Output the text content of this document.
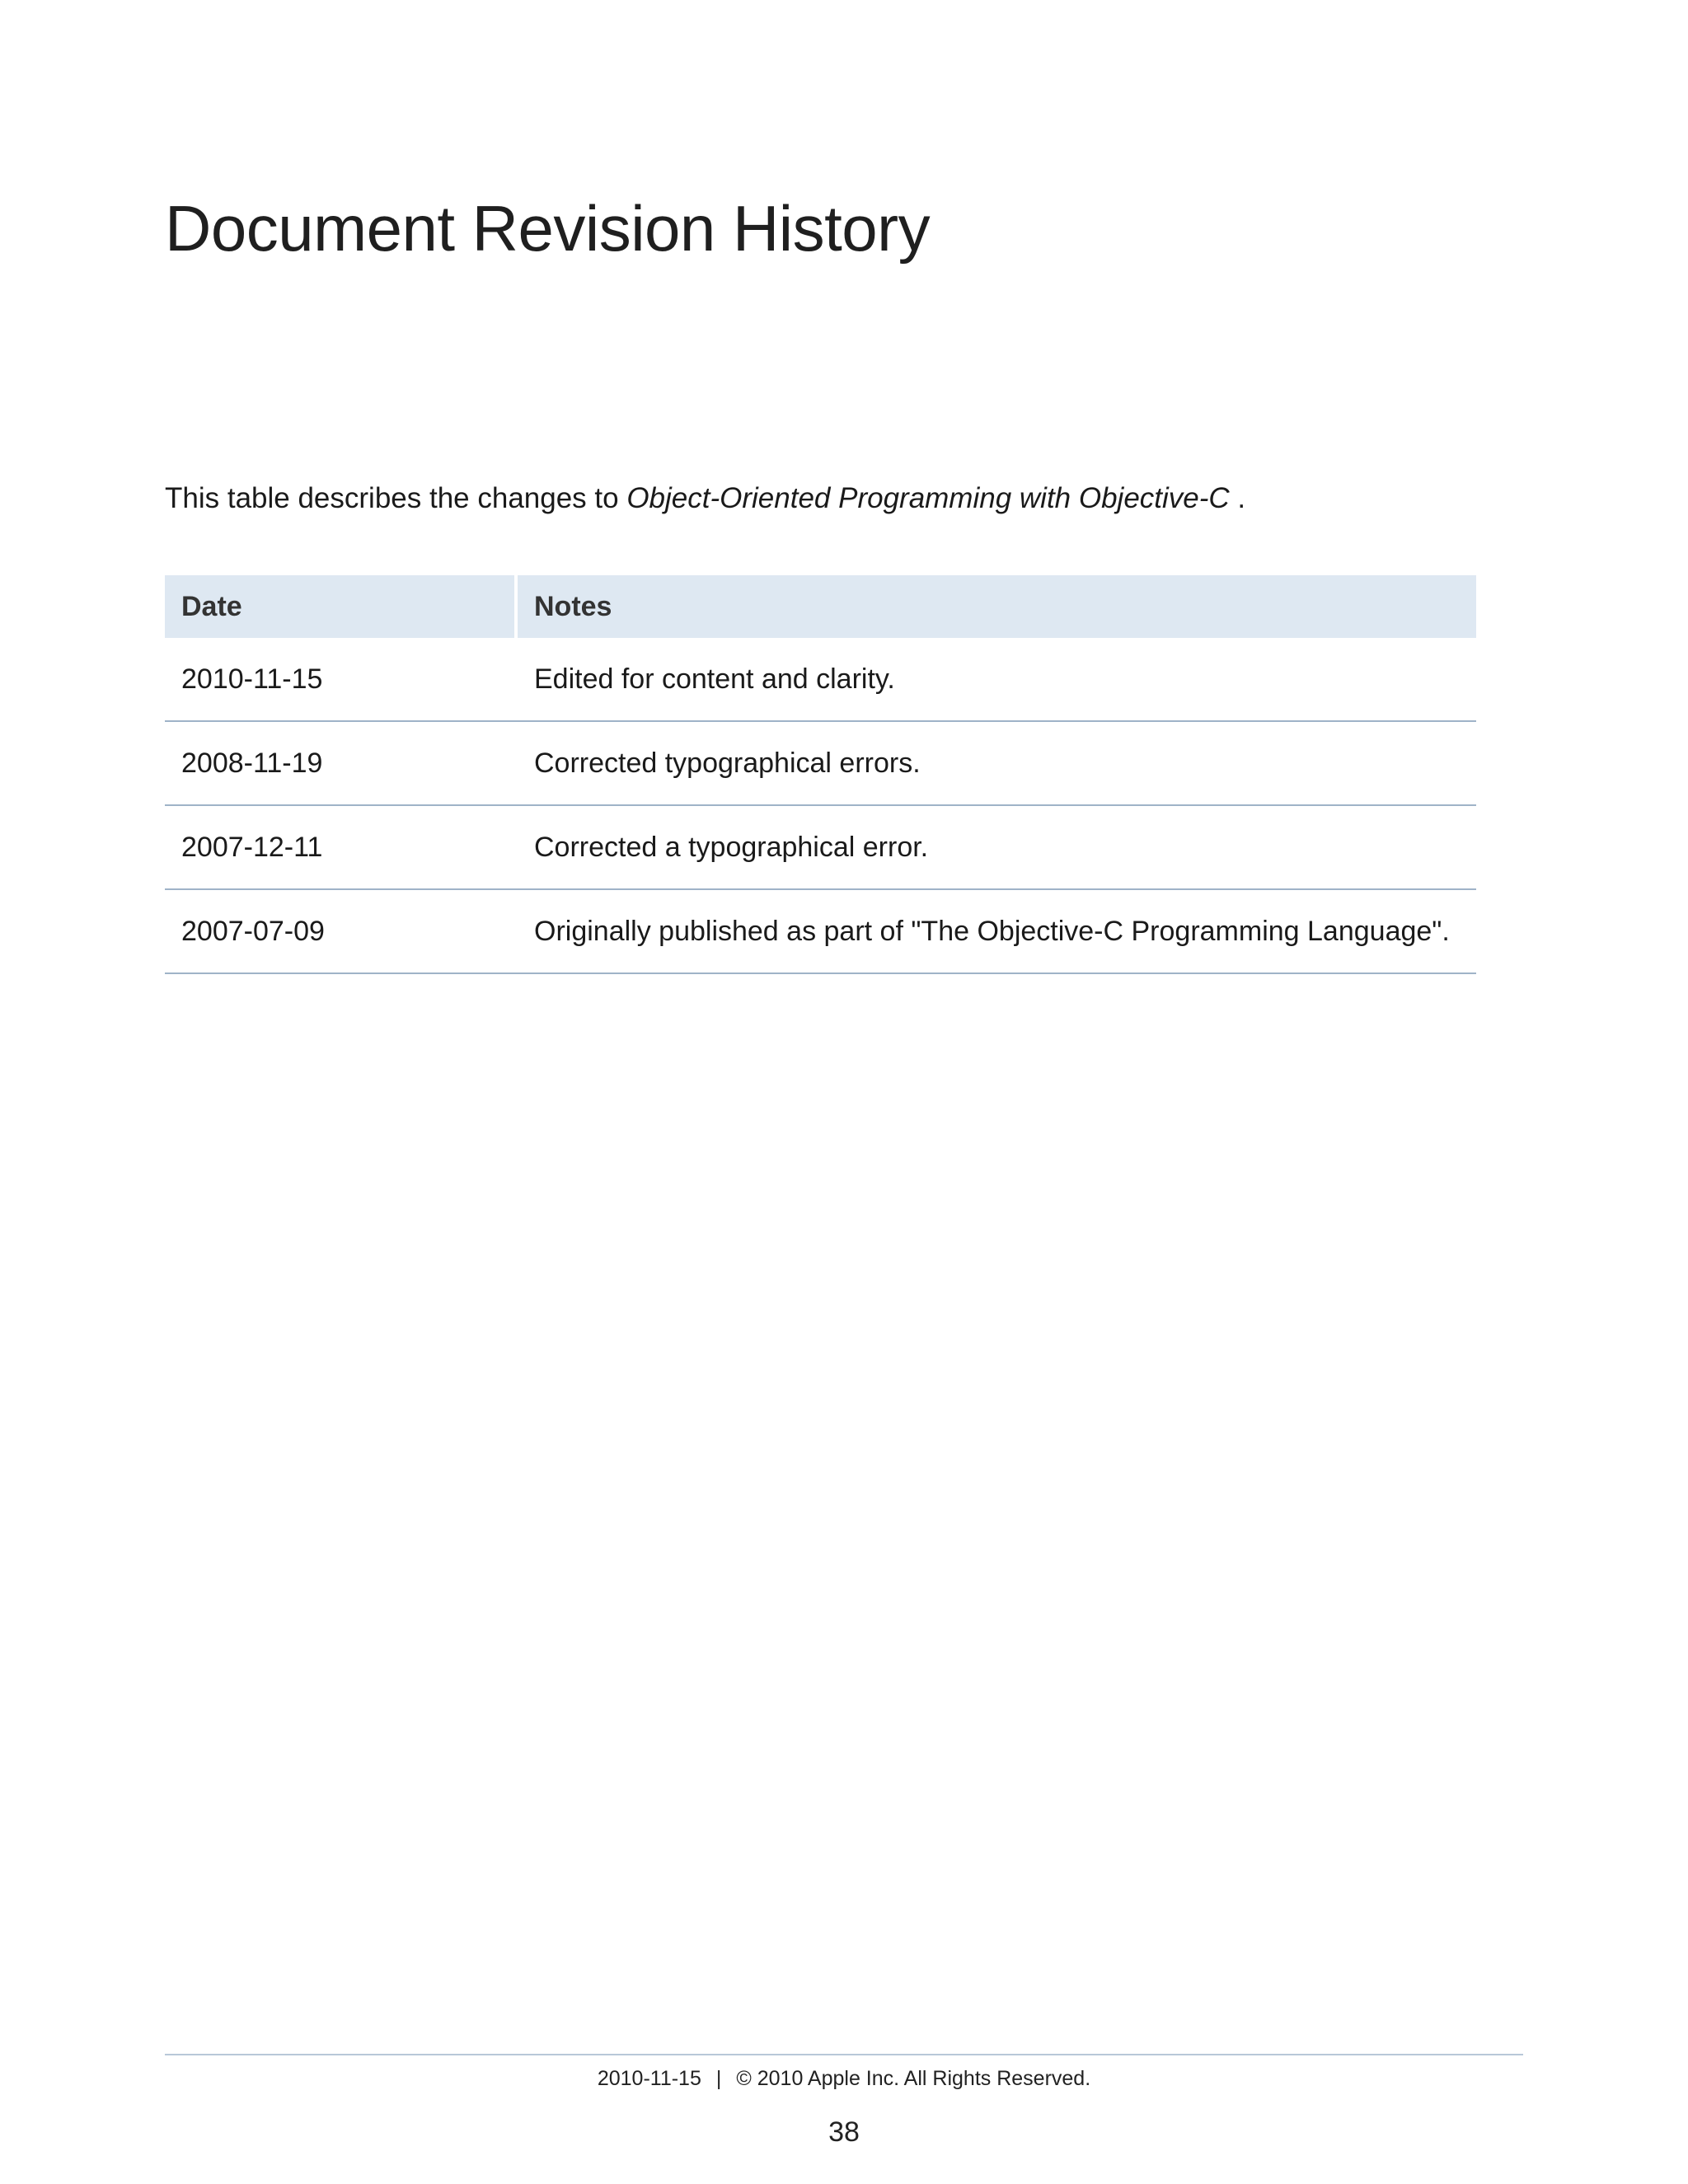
Document Revision History

This table describes the changes to Object-Oriented Programming with Objective-C .

Date	Notes
2010-11-15	Edited for content and clarity.
2008-11-19	Corrected typographical errors.
2007-12-11	Corrected a typographical error.
2007-07-09	Originally published as part of "The Objective-C Programming Language".
2010-11-15 | © 2010 Apple Inc. All Rights Reserved.
38
